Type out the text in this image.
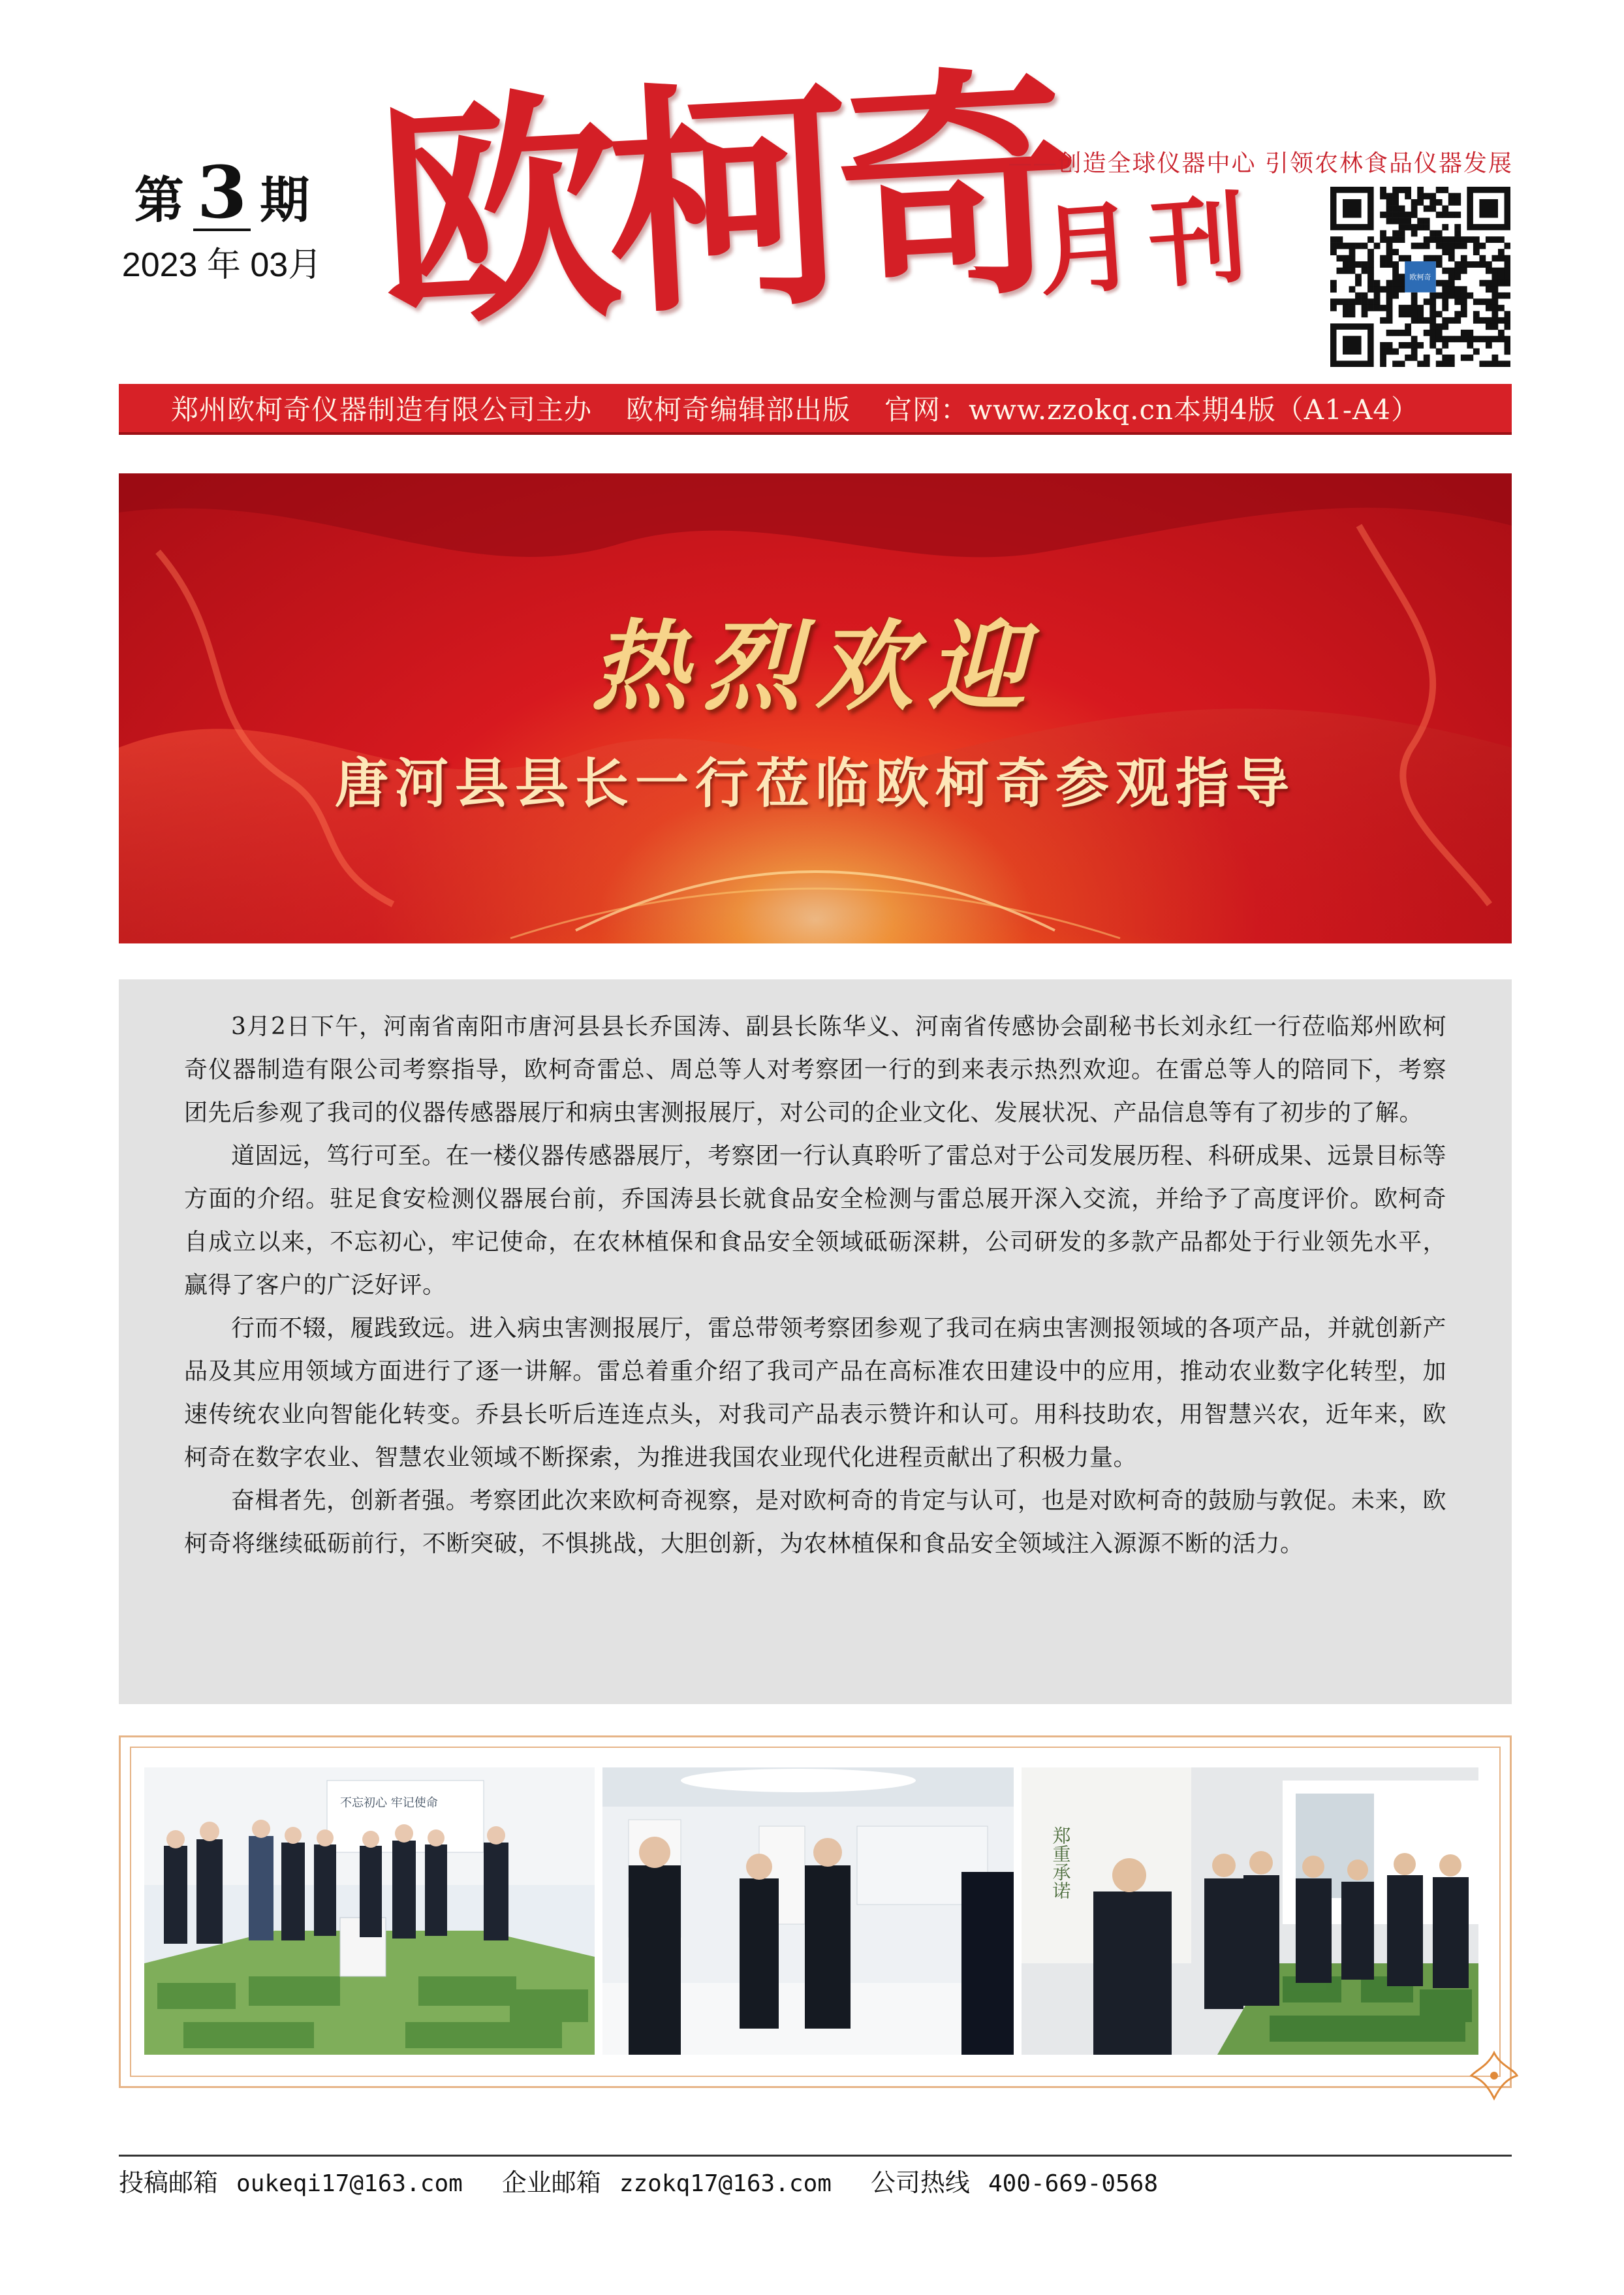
第 3 期
2023 年 03月 欧柯奇
月刊
——创造全球仪器中心 引领农林食品仪器发展
欧柯奇
郑州欧柯奇仪器制造有限公司主办 欧柯奇编辑部出版 官网：www.zzokq.cn本期4版（A1-A4）
热烈欢迎
唐河县县长一行莅临欧柯奇参观指导

3月2日下午，河南省南阳市唐河县县长乔国涛、副县长陈华义、河南省传感协会副秘书长刘永红一行莅临郑州欧柯奇仪器制造有限公司考察指导，欧柯奇雷总、周总等人对考察团一行的到来表示热烈欢迎。在雷总等人的陪同下，考察团先后参观了我司的仪器传感器展厅和病虫害测报展厅，对公司的企业文化、发展状况、产品信息等有了初步的了解。

道固远，笃行可至。在一楼仪器传感器展厅，考察团一行认真聆听了雷总对于公司发展历程、科研成果、远景目标等方面的介绍。驻足食安检测仪器展台前，乔国涛县长就食品安全检测与雷总展开深入交流，并给予了高度评价。欧柯奇自成立以来，不忘初心，牢记使命，在农林植保和食品安全领域砥砺深耕，公司研发的多款产品都处于行业领先水平，赢得了客户的广泛好评。

行而不辍，履践致远。进入病虫害测报展厅，雷总带领考察团参观了我司在病虫害测报领域的各项产品，并就创新产品及其应用领域方面进行了逐一讲解。雷总着重介绍了我司产品在高标准农田建设中的应用，推动农业数字化转型，加速传统农业向智能化转变。乔县长听后连连点头，对我司产品表示赞许和认可。用科技助农，用智慧兴农，近年来，欧柯奇在数字农业、智慧农业领域不断探索，为推进我国农业现代化进程贡献出了积极力量。

奋楫者先，创新者强。考察团此次来欧柯奇视察，是对欧柯奇的肯定与认可，也是对欧柯奇的鼓励与敦促。未来，欧柯奇将继续砥砺前行，不断突破，不惧挑战，大胆创新，为农林植保和食品安全领域注入源源不断的活力。

不忘初心 牢记使命
郑重承诺
投稿邮箱 oukeqi17@163.com 企业邮箱 zzokq17@163.com 公司热线 400-669-0568
